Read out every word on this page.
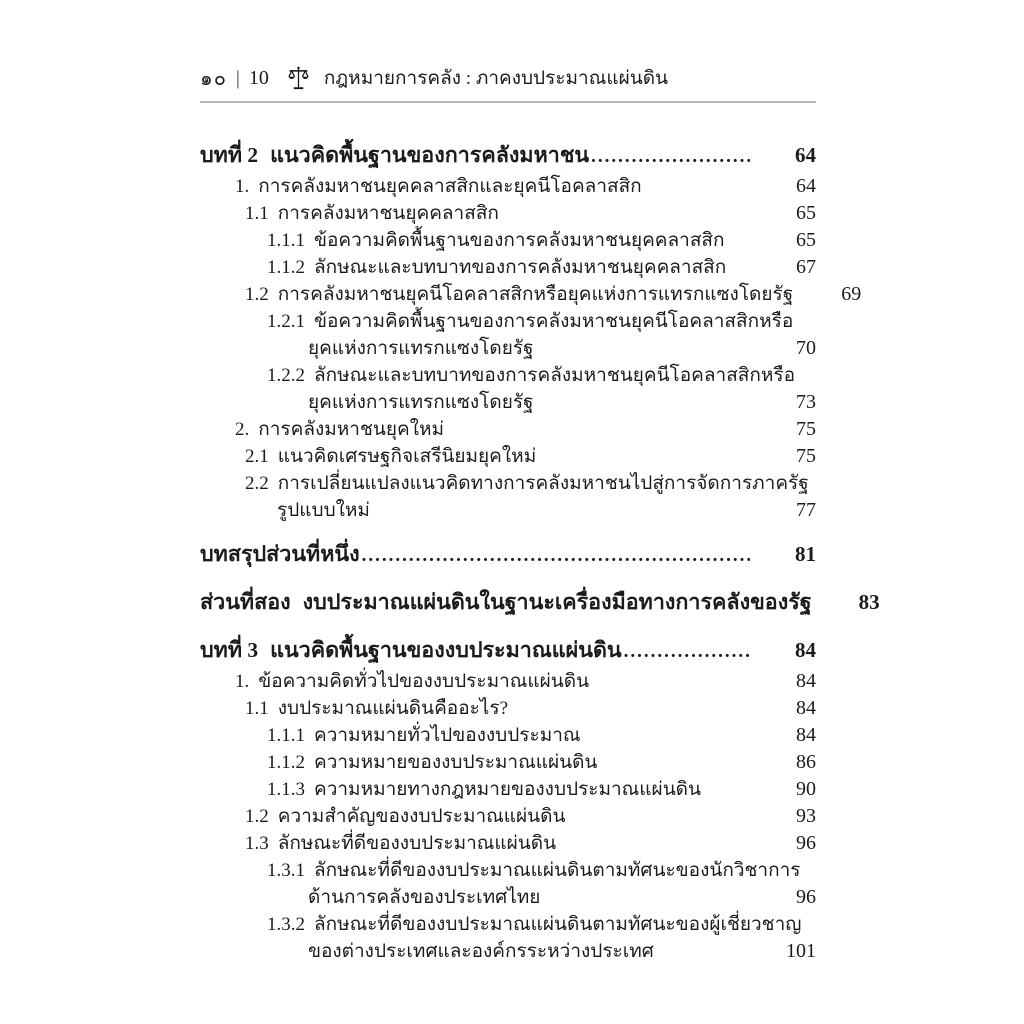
๑๐ | 10	กฎหมายการคลัง : ภาคงบประมาณแผ่นดิน
บทที่ 2 แนวคิดพื้นฐานของการคลังมหาชน .....	64
1. การคลังมหาชนยุคคลาสสิกและยุคนีโอคลาสสิก	64
1.1 การคลังมหาชนยุคคลาสสิก	65
1.1.1 ข้อความคิดพื้นฐานของการคลังมหาชนยุคคลาสสิก	65
1.1.2 ลักษณะและบทบาทของการคลังมหาชนยุคคลาสสิก	67
1.2 การคลังมหาชนยุคนีโอคลาสสิกหรือยุคแห่งการแทรกแซงโดยรัฐ	69
1.2.1 ข้อความคิดพื้นฐานของการคลังมหาชนยุคนีโอคลาสสิกหรือ
ยุคแห่งการแทรกแซงโดยรัฐ	70
1.2.2 ลักษณะและบทบาทของการคลังมหาชนยุคนีโอคลาสสิกหรือ
ยุคแห่งการแทรกแซงโดยรัฐ	73
2. การคลังมหาชนยุคใหม่	75
2.1 แนวคิดเศรษฐกิจเสรีนิยมยุคใหม่	75
2.2 การเปลี่ยนแปลงแนวคิดทางการคลังมหาชนไปสู่การจัดการภาครัฐ
รูปแบบใหม่	77
บทสรุปส่วนที่หนึ่ง .....	81
ส่วนที่สอง งบประมาณแผ่นดินในฐานะเครื่องมือทางการคลังของรัฐ	83
บทที่ 3 แนวคิดพื้นฐานของงบประมาณแผ่นดิน .....	84
1. ข้อความคิดทั่วไปของงบประมาณแผ่นดิน	84
1.1 งบประมาณแผ่นดินคืออะไร?	84
1.1.1 ความหมายทั่วไปของงบประมาณ	84
1.1.2 ความหมายของงบประมาณแผ่นดิน	86
1.1.3 ความหมายทางกฎหมายของงบประมาณแผ่นดิน	90
1.2 ความสำคัญของงบประมาณแผ่นดิน	93
1.3 ลักษณะที่ดีของงบประมาณแผ่นดิน	96
1.3.1 ลักษณะที่ดีของงบประมาณแผ่นดินตามทัศนะของนักวิชาการ
ด้านการคลังของประเทศไทย	96
1.3.2 ลักษณะที่ดีของงบประมาณแผ่นดินตามทัศนะของผู้เชี่ยวชาญ
ของต่างประเทศและองค์กรระหว่างประเทศ	101
